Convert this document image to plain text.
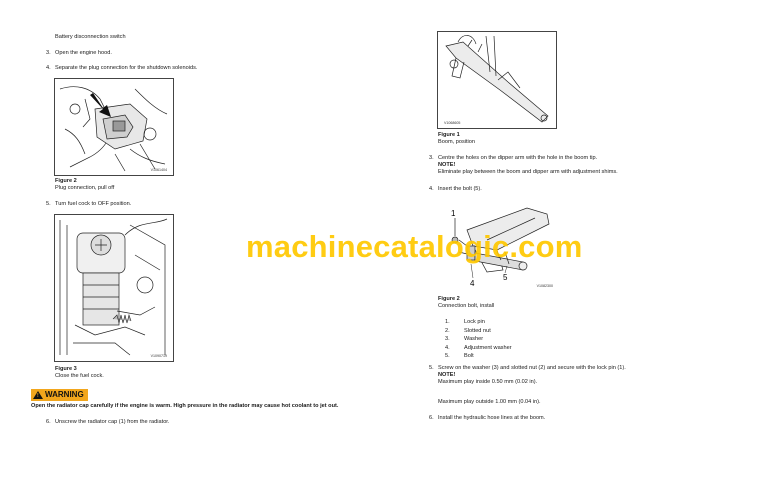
Battery disconnection switch
3. Open the engine hood.
4. Separate the plug connection for the shutdown solenoids.
V1061404
Figure 2
Plug connection, pull off
5. Turn fuel cock to OFF position.
V1090719
Figure 3
Close the fuel cock.
! WARNING
Open the radiator cap carefully if the engine is warm. High pressure in the radiator may cause hot coolant to jet out.
6. Unscrew the radiator cap (1) from the radiator.
V1068605
Figure 1
Boom, position
3. Centre the holes on the dipper arm with the hole in the boom tip.
NOTE!
Eliminate play between the boom and dipper arm with adjustment shims.
4. Insert the bolt (5).
1
4
5
V1082300
Figure 2
Connection bolt, install
1.	Lock pin
2.	Slotted nut
3.	Washer
4.	Adjustment washer
5.	Bolt
5. Screw on the washer (3) and slotted nut (2) and secure with the lock pin (1).
NOTE!
Maximum play inside 0.50 mm (0.02 in).
Maximum play outside 1.00 mm (0.04 in).
6. Install the hydraulic hose lines at the boom.
machinecatalogic.com
